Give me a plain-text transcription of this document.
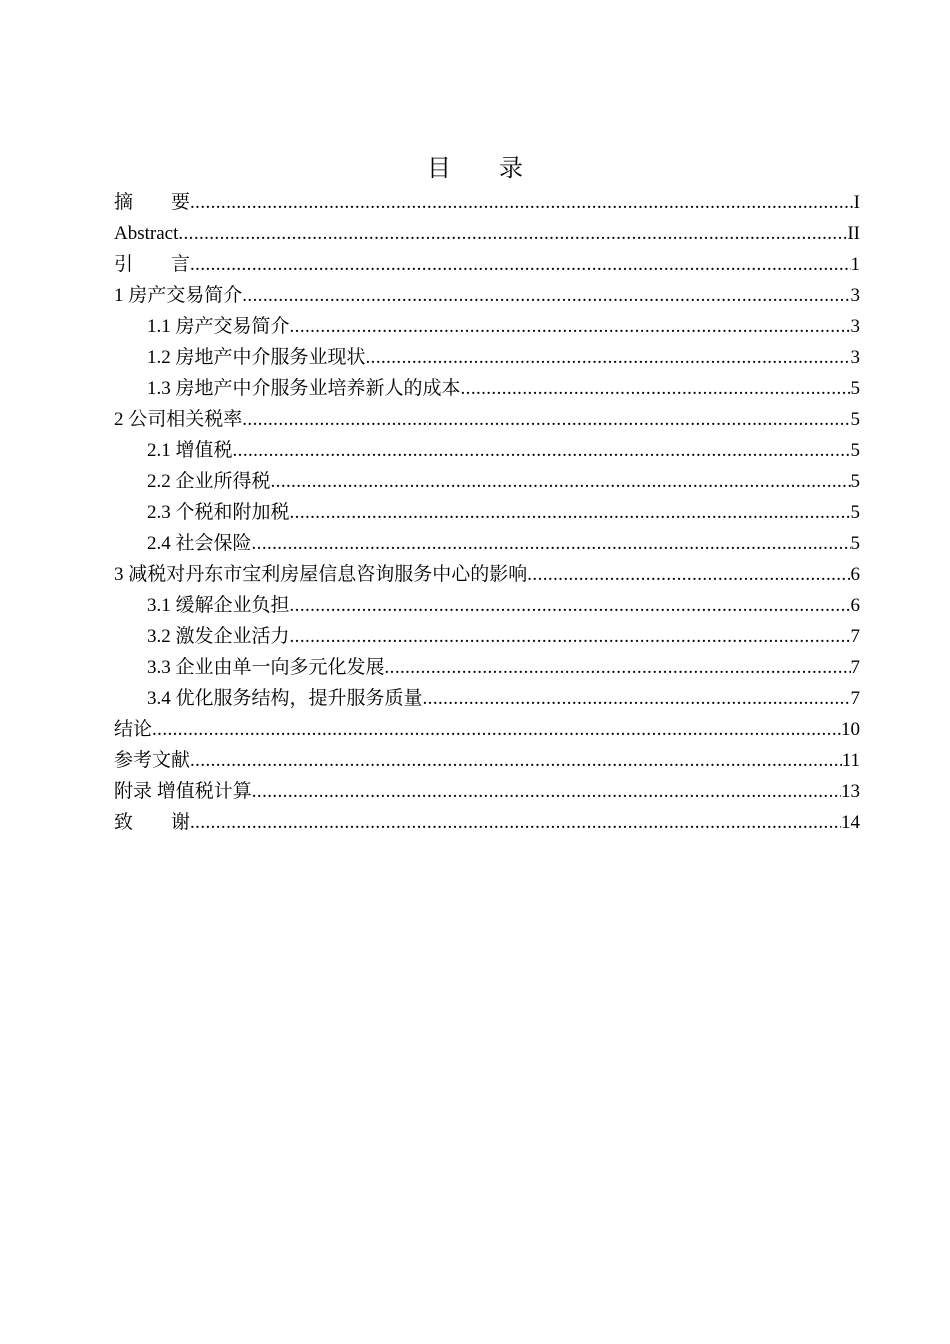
目　　录
摘　　要 .....	I
Abstract .....	II
引　　言 .....	1
1 房产交易简介 .....	3
1.1 房产交易简介 .....	3
1.2 房地产中介服务业现状 .....	3
1.3 房地产中介服务业培养新人的成本 .....	5
2 公司相关税率 .....	5
2.1 增值税 .....	5
2.2 企业所得税 .....	5
2.3 个税和附加税 .....	5
2.4 社会保险 .....	5
3 减税对丹东市宝利房屋信息咨询服务中心的影响 .....	6
3.1 缓解企业负担 .....	6
3.2 激发企业活力 .....	7
3.3 企业由单一向多元化发展 .....	7
3.4 优化服务结构，提升服务质量 .....	7
结论 .....	10
参考文献 .....	11
附录 增值税计算 .....	13
致　　谢 .....	14
